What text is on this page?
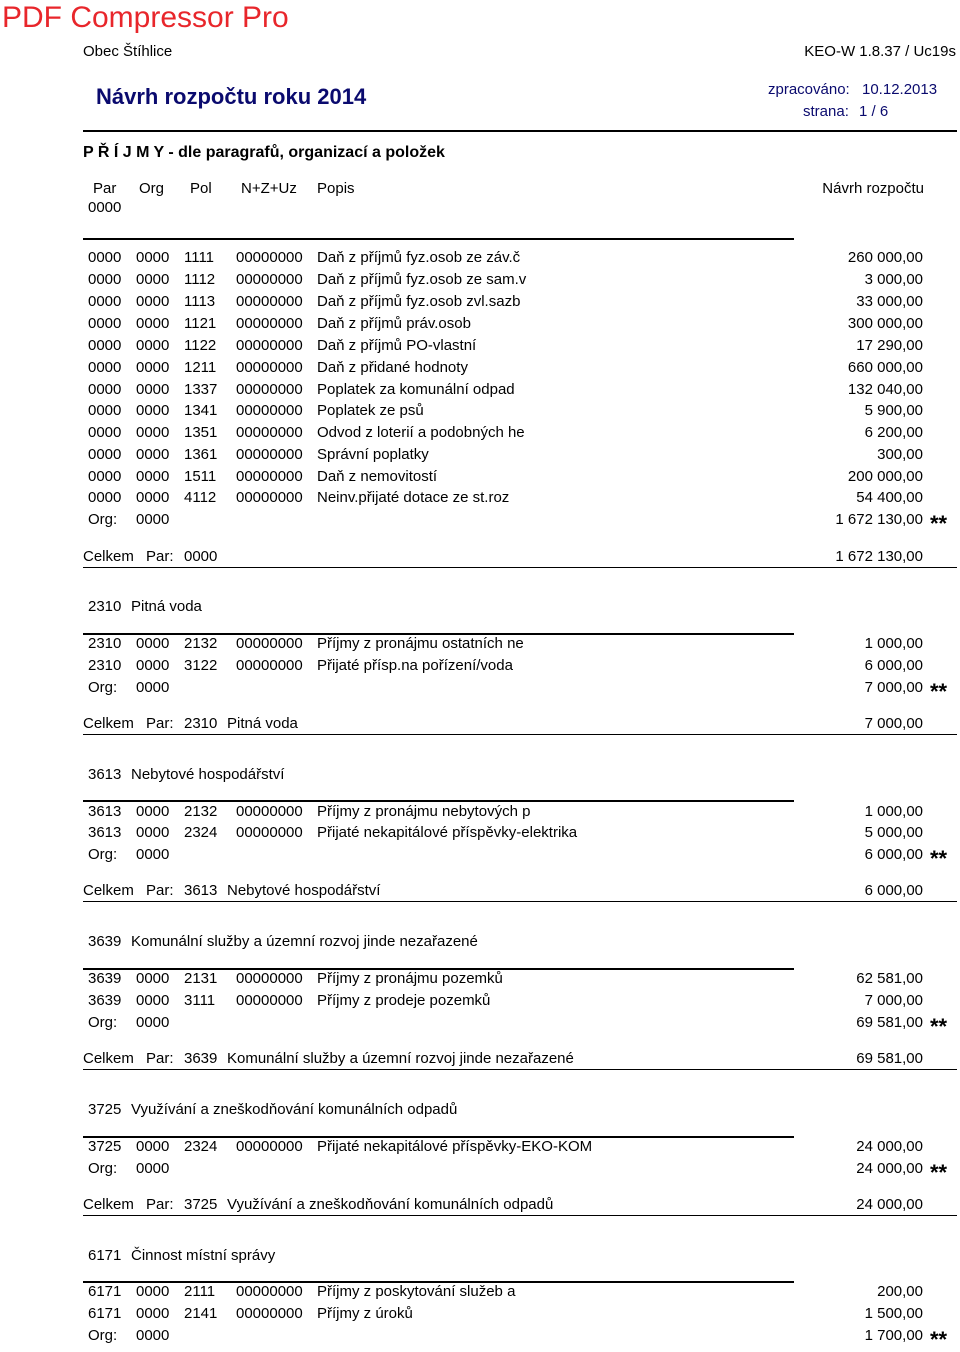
PDF Compressor Pro
Obec Štíhlice	KEO-W 1.8.37 / Uc19s
Návrh rozpočtu roku 2014	zpracováno: 10.12.2013
strana: 1 / 6
P Ř Í J M Y - dle paragrafů, organizací a položek
Par Org Pol N+Z+Uz Popis	Návrh rozpočtu
0000
0000 0000 1111 00000000 Daň z příjmů fyz.osob ze záv.č	260 000,00
0000 0000 1112 00000000 Daň z příjmů fyz.osob ze sam.v	3 000,00
0000 0000 1113 00000000 Daň z příjmů fyz.osob zvl.sazb	33 000,00
0000 0000 1121 00000000 Daň z příjmů práv.osob	300 000,00
0000 0000 1122 00000000 Daň z příjmů PO-vlastní	17 290,00
0000 0000 1211 00000000 Daň z přidané hodnoty	660 000,00
0000 0000 1337 00000000 Poplatek za komunální odpad	132 040,00
0000 0000 1341 00000000 Poplatek ze psů	5 900,00
0000 0000 1351 00000000 Odvod z loterií a podobných he	6 200,00
0000 0000 1361 00000000 Správní poplatky	300,00
0000 0000 1511 00000000 Daň z nemovitostí	200 000,00
0000 0000 4112 00000000 Neinv.přijaté dotace ze st.roz	54 400,00
Org: 0000	1 672 130,00 **
Celkem Par: 0000	1 672 130,00
2310 Pitná voda
2310 0000 2132 00000000 Příjmy z pronájmu ostatních ne	1 000,00
2310 0000 3122 00000000 Přijaté přísp.na pořízení/voda	6 000,00
Org: 0000	7 000,00 **
Celkem Par: 2310 Pitná voda	7 000,00
3613 Nebytové hospodářství
3613 0000 2132 00000000 Příjmy z pronájmu nebytových p	1 000,00
3613 0000 2324 00000000 Přijaté nekapitálové příspěvky-elektrika	5 000,00
Org: 0000	6 000,00 **
Celkem Par: 3613 Nebytové hospodářství	6 000,00
3639 Komunální služby a územní rozvoj jinde nezařazené
3639 0000 2131 00000000 Příjmy z pronájmu pozemků	62 581,00
3639 0000 3111 00000000 Příjmy z prodeje pozemků	7 000,00
Org: 0000	69 581,00 **
Celkem Par: 3639 Komunální služby a územní rozvoj jinde nezařazené	69 581,00
3725 Využívání a zneškodňování komunálních odpadů
3725 0000 2324 00000000 Přijaté nekapitálové příspěvky-EKO-KOM	24 000,00
Org: 0000	24 000,00 **
Celkem Par: 3725 Využívání a zneškodňování komunálních odpadů	24 000,00
6171 Činnost místní správy
6171 0000 2111 00000000 Příjmy z poskytování služeb a	200,00
6171 0000 2141 00000000 Příjmy z úroků	1 500,00
Org: 0000	1 700,00 **
